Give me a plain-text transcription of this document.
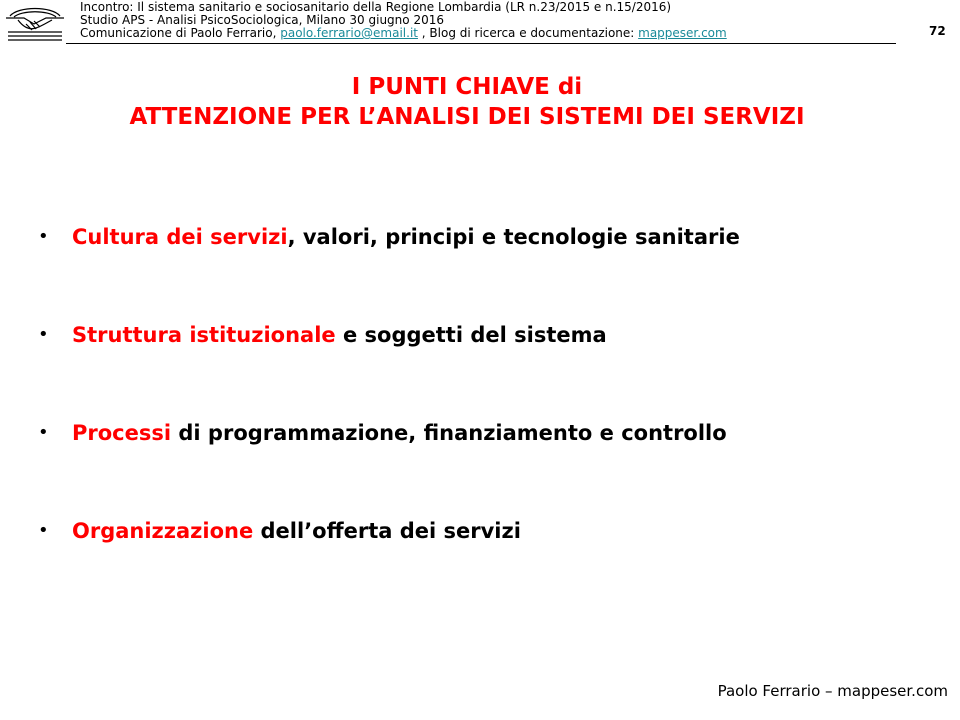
Incontro: Il sistema sanitario e sociosanitario della Regione Lombardia (LR n.23/2015 e n.15/2016)
Studio APS - Analisi PsicoSociologica, Milano 30 giugno 2016
Comunicazione di Paolo Ferrario, paolo.ferrario@email.it , Blog di ricerca e documentazione: mappeser.com	72
I PUNTI CHIAVE di
ATTENZIONE PER L’ANALISI DEI SISTEMI DEI SERVIZI
• Cultura dei servizi, valori, principi e tecnologie sanitarie
• Struttura istituzionale e soggetti del sistema
• Processi di programmazione, finanziamento e controllo
• Organizzazione dell’offerta dei servizi
Paolo Ferrario – mappeser.com
